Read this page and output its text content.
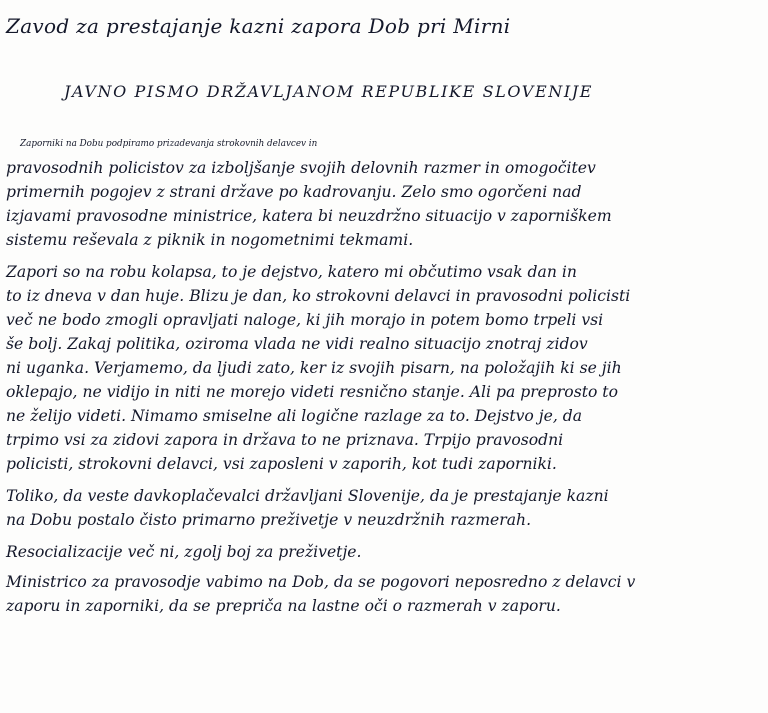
Zavod za prestajanje kazni zapora Dob pri Mirni
JAVNO PISMO DRŽAVLJANOM REPUBLIKE SLOVENIJE
Zaporniki na Dobu podpiramo prizadevanja strokovnih delavcev in
pravosodnih policistov za izboljšanje svojih delovnih razmer in omogočitev
primernih pogojev z strani države po kadrovanju. Zelo smo ogorčeni nad
izjavami pravosodne ministrice, katera bi neuzdržno situacijo v zaporniškem
sistemu reševala z piknik in nogometnimi tekmami.
Zapori so na robu kolapsa, to je dejstvo, katero mi občutimo vsak dan in
to iz dneva v dan huje. Blizu je dan, ko strokovni delavci in pravosodni policisti
več ne bodo zmogli opravljati naloge, ki jih morajo in potem bomo trpeli vsi
še bolj. Zakaj politika, oziroma vlada ne vidi realno situacijo znotraj zidov
ni uganka. Verjamemo, da ljudi zato, ker iz svojih pisarn, na položajih ki se jih
oklepajo, ne vidijo in niti ne morejo videti resnično stanje. Ali pa preprosto to
ne želijo videti. Nimamo smiselne ali logične razlage za to. Dejstvo je, da
trpimo vsi za zidovi zapora in država to ne priznava. Trpijo pravosodni
policisti, strokovni delavci, vsi zaposleni v zaporih, kot tudi zaporniki.
Toliko, da veste davkoplačevalci državljani Slovenije, da je prestajanje kazni
na Dobu postalo čisto primarno preživetje v neuzdržnih razmerah.
Resocializacije več ni, zgolj boj za preživetje.
Ministrico za pravosodje vabimo na Dob, da se pogovori neposredno z delavci v
zaporu in zaporniki, da se prepriča na lastne oči o razmerah v zaporu.
